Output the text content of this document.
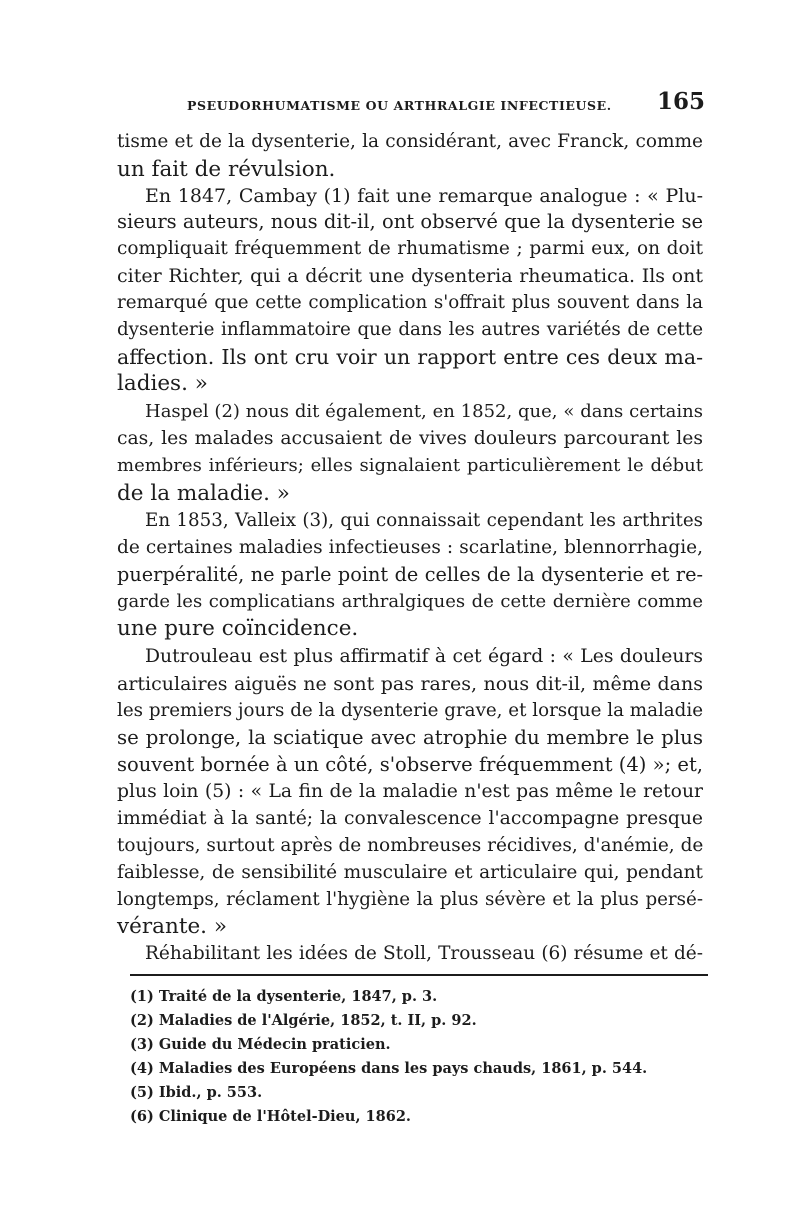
PSEUDORHUMATISME OU ARTHRALGIE INFECTIEUSE. 165
tisme et de la dysenterie, la considérant, avec Franck, comme
un fait de révulsion.
En 1847, Cambay (1) fait une remarque analogue : « Plu-
sieurs auteurs, nous dit-il, ont observé que la dysenterie se
compliquait fréquemment de rhumatisme ; parmi eux, on doit
citer Richter, qui a décrit une dysenteria rheumatica. Ils ont
remarqué que cette complication s'offrait plus souvent dans la
dysenterie inflammatoire que dans les autres variétés de cette
affection. Ils ont cru voir un rapport entre ces deux ma-
ladies. »
Haspel (2) nous dit également, en 1852, que, « dans certains
cas, les malades accusaient de vives douleurs parcourant les
membres inférieurs; elles signalaient particulièrement le début
de la maladie. »
En 1853, Valleix (3), qui connaissait cependant les arthrites
de certaines maladies infectieuses : scarlatine, blennorrhagie,
puerpéralité, ne parle point de celles de la dysenterie et re-
garde les complicatians arthralgiques de cette dernière comme
une pure coïncidence.
Dutrouleau est plus affirmatif à cet égard : « Les douleurs
articulaires aiguës ne sont pas rares, nous dit-il, même dans
les premiers jours de la dysenterie grave, et lorsque la maladie
se prolonge, la sciatique avec atrophie du membre le plus
souvent bornée à un côté, s'observe fréquemment (4) »; et,
plus loin (5) : « La fin de la maladie n'est pas même le retour
immédiat à la santé; la convalescence l'accompagne presque
toujours, surtout après de nombreuses récidives, d'anémie, de
faiblesse, de sensibilité musculaire et articulaire qui, pendant
longtemps, réclament l'hygiène la plus sévère et la plus persé-
vérante. »
Réhabilitant les idées de Stoll, Trousseau (6) résume et dé-
(1) Traité de la dysenterie, 1847, p. 3.
(2) Maladies de l'Algérie, 1852, t. II, p. 92.
(3) Guide du Médecin praticien.
(4) Maladies des Européens dans les pays chauds, 1861, p. 544.
(5) Ibid., p. 553.
(6) Clinique de l'Hôtel-Dieu, 1862.
